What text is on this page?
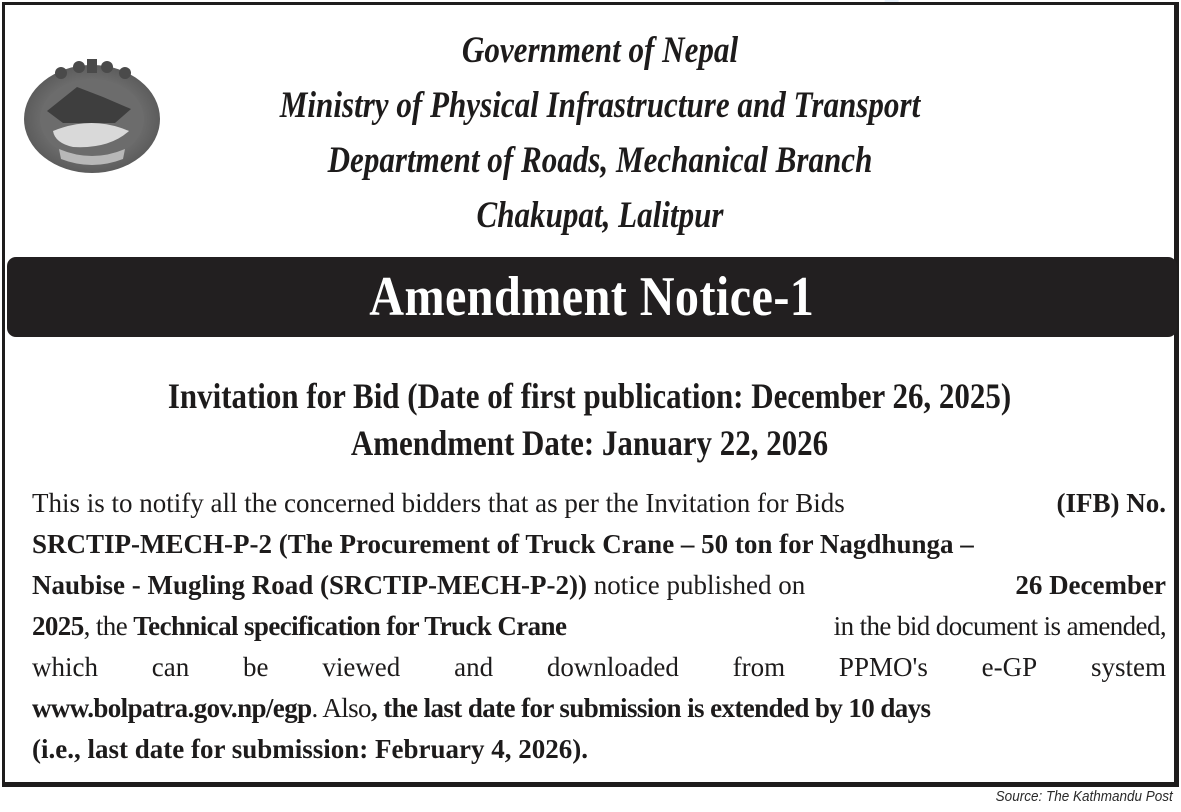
Government of Nepal
Ministry of Physical Infrastructure and Transport
Department of Roads, Mechanical Branch
Chakupat, Lalitpur
Amendment Notice-1
Invitation for Bid (Date of first publication: December 26, 2025)
Amendment Date: January 22, 2026
This is to notify all the concerned bidders that as per the Invitation for Bids	(IFB) No.
SRCTIP-MECH-P-2 (The Procurement of Truck Crane – 50 ton for Nagdhunga –
Naubise - Mugling Road (SRCTIP-MECH-P-2)) notice published on	26 December
2025, the Technical specification for Truck Crane	in the bid document is amended,
which can be viewed and downloaded from PPMO's e-GP system
www.bolpatra.gov.np/egp. Also, the last date for submission is extended by 10 days
(i.e., last date for submission: February 4, 2026).
Source: The Kathmandu Post
